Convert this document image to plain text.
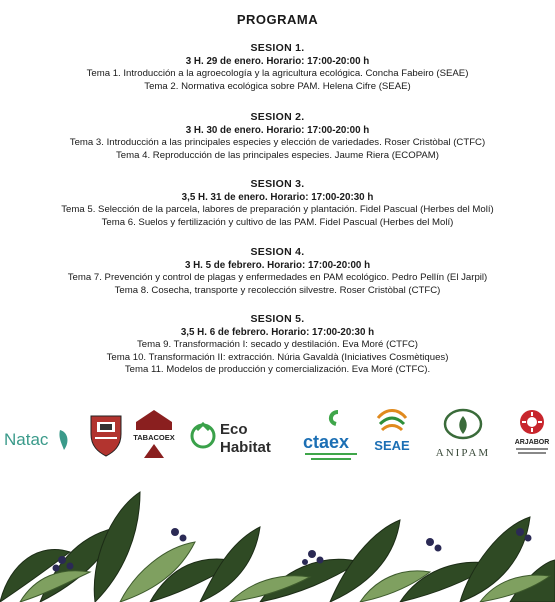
PROGRAMA
SESION 1.
3 H. 29 de enero. Horario: 17:00-20:00 h
Tema 1. Introducción a la agroecología y la agricultura ecológica. Concha Fabeiro (SEAE)
Tema 2. Normativa ecológica sobre PAM. Helena Cifre (SEAE)
SESION 2.
3 H. 30 de enero. Horario: 17:00-20:00 h
Tema 3. Introducción a las principales especies y elección de variedades. Roser Cristòbal (CTFC)
Tema 4. Reproducción de las principales especies. Jaume Riera (ECOPAM)
SESION 3.
3,5 H. 31 de enero. Horario: 17:00-20:30 h
Tema 5. Selección de la parcela, labores de preparación y plantación. Fidel Pascual (Herbes del Molí)
Tema 6. Suelos y fertilización y cultivo de las PAM. Fidel Pascual (Herbes del Molí)
SESION 4.
3 H. 5 de febrero. Horario: 17:00-20:00 h
Tema 7. Prevención y control de plagas y enfermedades en PAM ecológico. Pedro Pellín (El Jarpil)
Tema 8. Cosecha, transporte y recolección silvestre. Roser Cristòbal (CTFC)
SESION 5.
3,5 H. 6 de febrero. Horario: 17:00-20:30 h
Tema 9. Transformación I: secado y destilación. Eva Moré (CTFC)
Tema 10. Transformación II: extracción. Núria Gavaldà (Iniciatives Cosmètiques)
Tema 11. Modelos de producción y comercialización. Eva Moré (CTFC).
Natac	TABACOEX	Eco
Habitat ctaex SEAE ANIPAM
ARJABOR
